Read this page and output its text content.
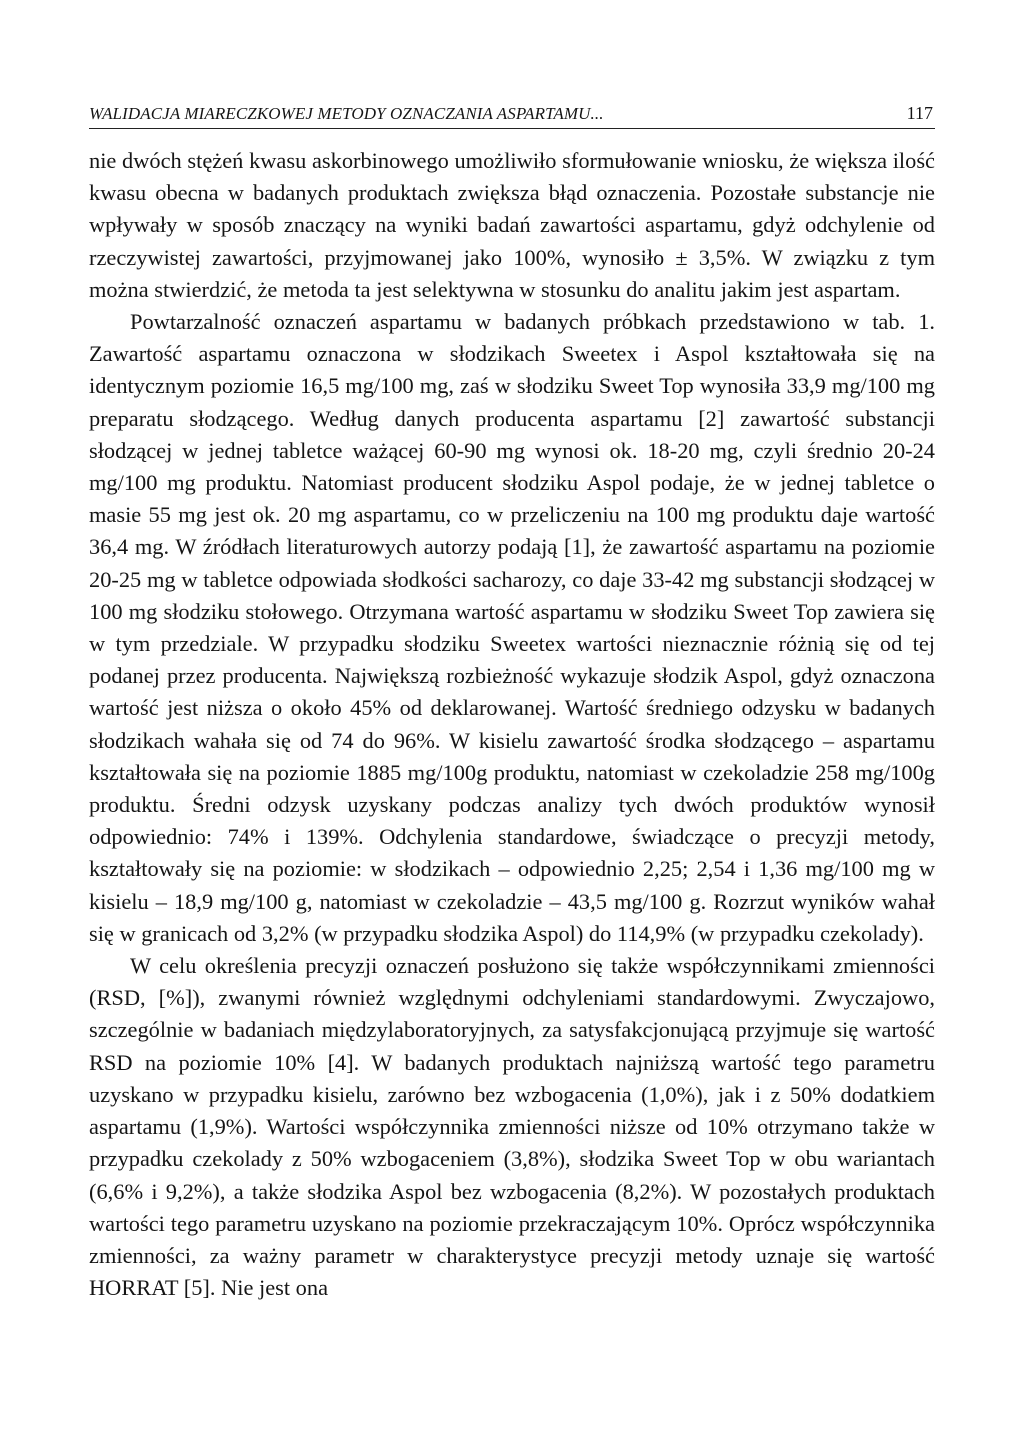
WALIDACJA MIARECZKOWEJ METODY OZNACZANIA ASPARTAMU...	117

nie dwóch stężeń kwasu askorbinowego umożliwiło sformułowanie wniosku, że większa ilość kwasu obecna w badanych produktach zwiększa błąd oznaczenia. Pozostałe substancje nie wpływały w sposób znaczący na wyniki badań zawartości aspartamu, gdyż odchylenie od rzeczywistej zawartości, przyjmowanej jako 100%, wynosiło ± 3,5%. W związku z tym można stwierdzić, że metoda ta jest selektywna w stosunku do analitu jakim jest aspartam.

Powtarzalność oznaczeń aspartamu w badanych próbkach przedstawiono w tab. 1. Zawartość aspartamu oznaczona w słodzikach Sweetex i Aspol kształtowała się na identycznym poziomie 16,5 mg/100 mg, zaś w słodziku Sweet Top wynosiła 33,9 mg/100 mg preparatu słodzącego. Według danych producenta aspartamu [2] zawartość substancji słodzącej w jednej tabletce ważącej 60-90 mg wynosi ok. 18-20 mg, czyli średnio 20-24 mg/100 mg produktu. Natomiast producent słodziku Aspol podaje, że w jednej tabletce o masie 55 mg jest ok. 20 mg aspartamu, co w przeliczeniu na 100 mg produktu daje wartość 36,4 mg. W źródłach literaturowych autorzy podają [1], że zawartość aspartamu na poziomie 20-25 mg w tabletce odpowiada słodkości sacharozy, co daje 33-42 mg substancji słodzącej w 100 mg słodziku stołowego. Otrzymana wartość aspartamu w słodziku Sweet Top zawiera się w tym przedziale. W przypadku słodziku Sweetex wartości nieznacznie różnią się od tej podanej przez producenta. Największą rozbieżność wykazuje słodzik Aspol, gdyż oznaczona wartość jest niższa o około 45% od deklarowanej. Wartość średniego odzysku w badanych słodzikach wahała się od 74 do 96%. W kisielu zawartość środka słodzącego – aspartamu kształtowała się na poziomie 1885 mg/100g produktu, natomiast w czekoladzie 258 mg/100g produktu. Średni odzysk uzyskany podczas analizy tych dwóch produktów wynosił odpowiednio: 74% i 139%. Odchylenia standardowe, świadczące o precyzji metody, kształtowały się na poziomie: w słodzikach – odpowiednio 2,25; 2,54 i 1,36 mg/100 mg w kisielu – 18,9 mg/100 g, natomiast w czekoladzie – 43,5 mg/100 g. Rozrzut wyników wahał się w granicach od 3,2% (w przypadku słodzika Aspol) do 114,9% (w przypadku czekolady).

W celu określenia precyzji oznaczeń posłużono się także współczynnikami zmienności (RSD, [%]), zwanymi również względnymi odchyleniami standardowymi. Zwyczajowo, szczególnie w badaniach międzylaboratoryjnych, za satysfakcjonującą przyjmuje się wartość RSD na poziomie 10% [4]. W badanych produktach najniższą wartość tego parametru uzyskano w przypadku kisielu, zarówno bez wzbogacenia (1,0%), jak i z 50% dodatkiem aspartamu (1,9%). Wartości współczynnika zmienności niższe od 10% otrzymano także w przypadku czekolady z 50% wzbogaceniem (3,8%), słodzika Sweet Top w obu wariantach (6,6% i 9,2%), a także słodzika Aspol bez wzbogacenia (8,2%). W pozostałych produktach wartości tego parametru uzyskano na poziomie przekraczającym 10%. Oprócz współczynnika zmienności, za ważny parametr w charakterystyce precyzji metody uznaje się wartość HORRAT [5]. Nie jest ona
